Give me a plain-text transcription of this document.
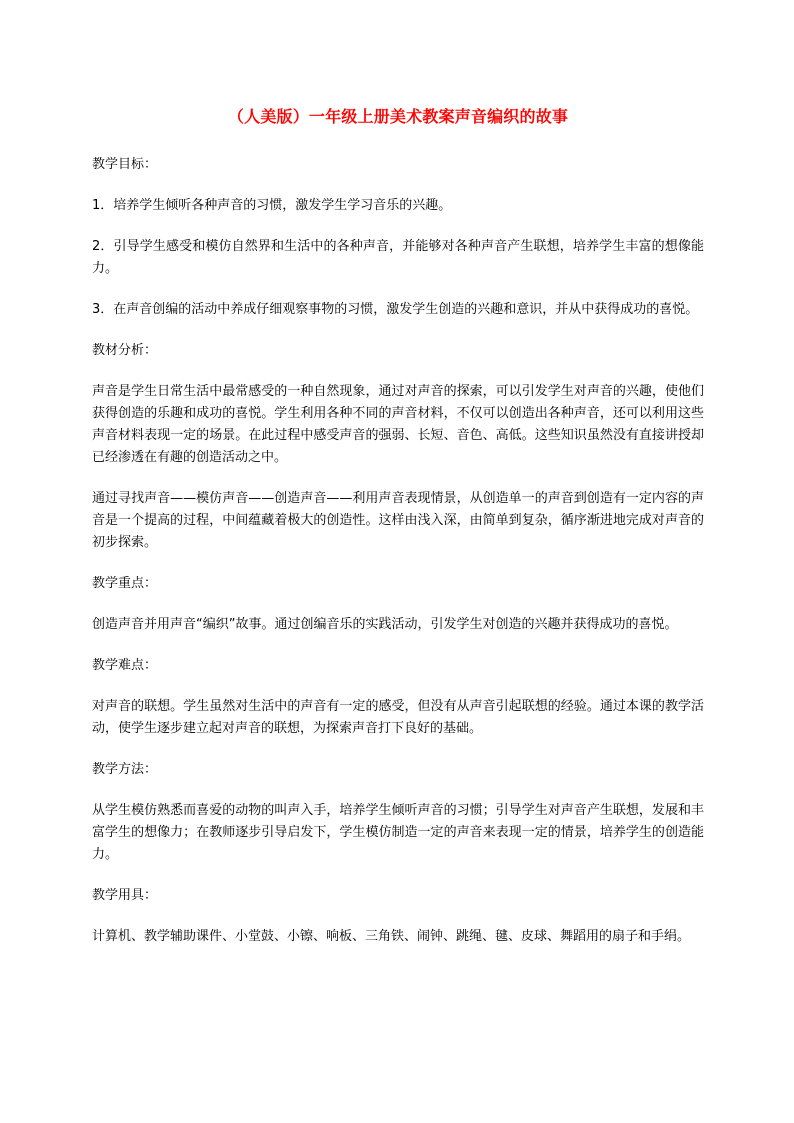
（人美版）一年级上册美术教案声音编织的故事
教学目标：
1．培养学生倾听各种声音的习惯，激发学生学习音乐的兴趣。
2．引导学生感受和模仿自然界和生活中的各种声音，并能够对各种声音产生联想，培养学生丰富的想像能力。
3．在声音创编的活动中养成仔细观察事物的习惯，激发学生创造的兴趣和意识，并从中获得成功的喜悦。
教材分析：
声音是学生日常生活中最常感受的一种自然现象，通过对声音的探索，可以引发学生对声音的兴趣，使他们获得创造的乐趣和成功的喜悦。学生利用各种不同的声音材料，不仅可以创造出各种声音，还可以利用这些声音材料表现一定的场景。在此过程中感受声音的强弱、长短、音色、高低。这些知识虽然没有直接讲授却已经渗透在有趣的创造活动之中。
通过寻找声音——模仿声音——创造声音——利用声音表现情景，从创造单一的声音到创造有一定内容的声音是一个提高的过程，中间蕴藏着极大的创造性。这样由浅入深，由简单到复杂，循序渐进地完成对声音的初步探索。
教学重点：
创造声音并用声音“编织”故事。通过创编音乐的实践活动，引发学生对创造的兴趣并获得成功的喜悦。
教学难点：
对声音的联想。学生虽然对生活中的声音有一定的感受，但没有从声音引起联想的经验。通过本课的教学活动，使学生逐步建立起对声音的联想，为探索声音打下良好的基础。
教学方法：
从学生模仿熟悉而喜爱的动物的叫声入手，培养学生倾听声音的习惯；引导学生对声音产生联想，发展和丰富学生的想像力；在教师逐步引导启发下，学生模仿制造一定的声音来表现一定的情景，培养学生的创造能力。
教学用具：
计算机、教学辅助课件、小堂鼓、小镲、响板、三角铁、闹钟、跳绳、毽、皮球、舞蹈用的扇子和手绢。
